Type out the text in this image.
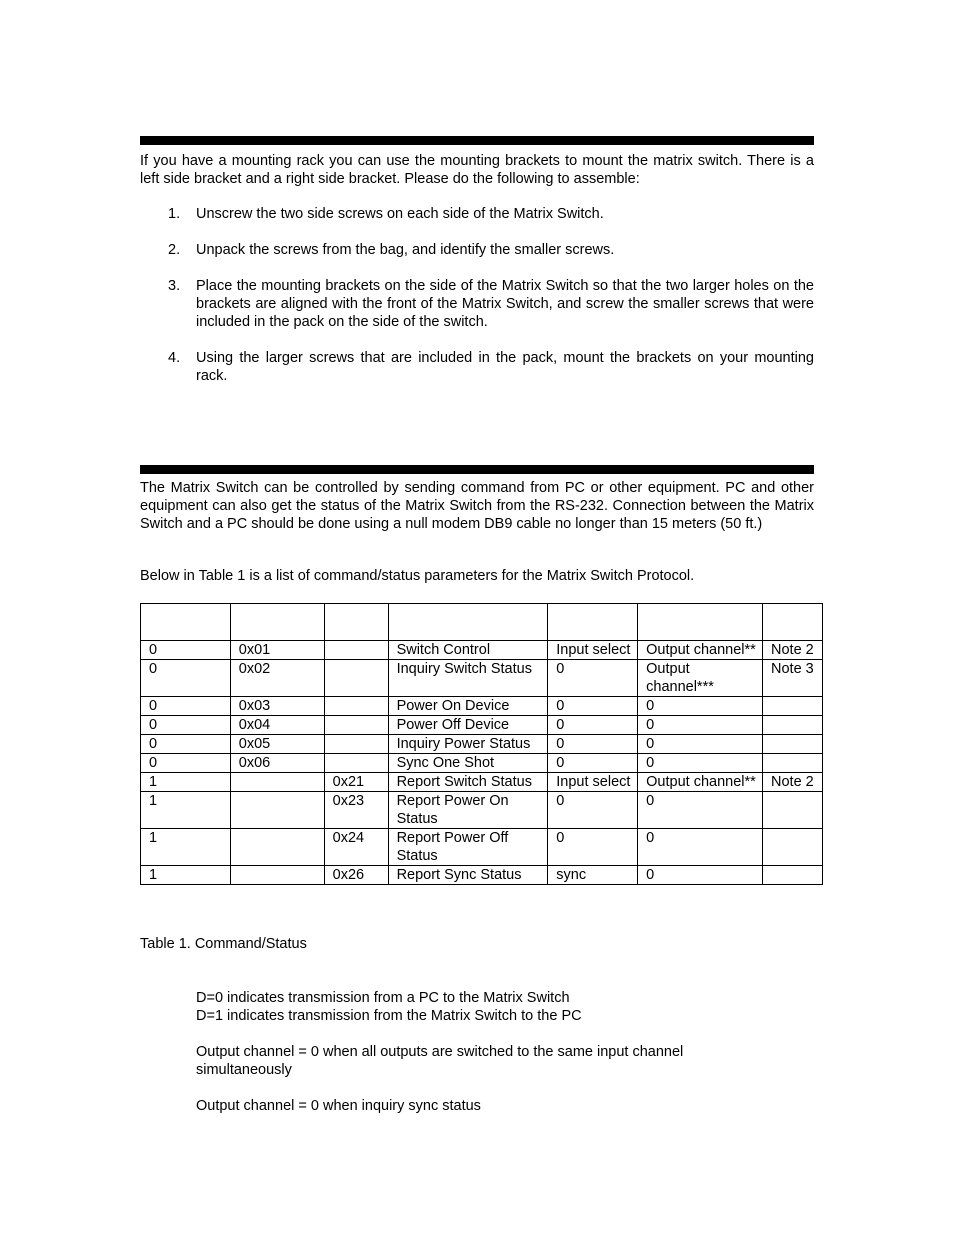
If you have a mounting rack you can use the mounting brackets to mount the matrix switch. There is a left side bracket and a right side bracket. Please do the following to assemble:
1. Unscrew the two side screws on each side of the Matrix Switch.
2. Unpack the screws from the bag, and identify the smaller screws.
3. Place the mounting brackets on the side of the Matrix Switch so that the two larger holes on the brackets are aligned with the front of the Matrix Switch, and screw the smaller screws that were included in the pack on the side of the switch.
4. Using the larger screws that are included in the pack, mount the brackets on your mounting rack.
The Matrix Switch can be controlled by sending command from PC or other equipment. PC and other equipment can also get the status of the Matrix Switch from the RS-232. Connection between the Matrix Switch and a PC should be done using a null modem DB9 cable no longer than 15 meters (50 ft.)
Below in Table 1 is a list of command/status parameters for the Matrix Switch Protocol.

0	0x01		Switch Control	Input select	Output channel**	Note 2
0	0x02		Inquiry Switch Status	0	Output channel***	Note 3
0	0x03		Power On Device	0	0	
0	0x04		Power Off Device	0	0	
0	0x05		Inquiry Power Status	0	0	
0	0x06		Sync One Shot	0	0	
1		0x21	Report Switch Status	Input select	Output channel**	Note 2
1		0x23	Report Power On Status	0	0	
1		0x24	Report Power Off Status	0	0	
1		0x26	Report Sync Status	sync	0	
Table 1. Command/Status
D=0 indicates transmission from a PC to the Matrix Switch
D=1 indicates transmission from the Matrix Switch to the PC
Output channel = 0 when all outputs are switched to the same input channel simultaneously
Output channel = 0 when inquiry sync status
